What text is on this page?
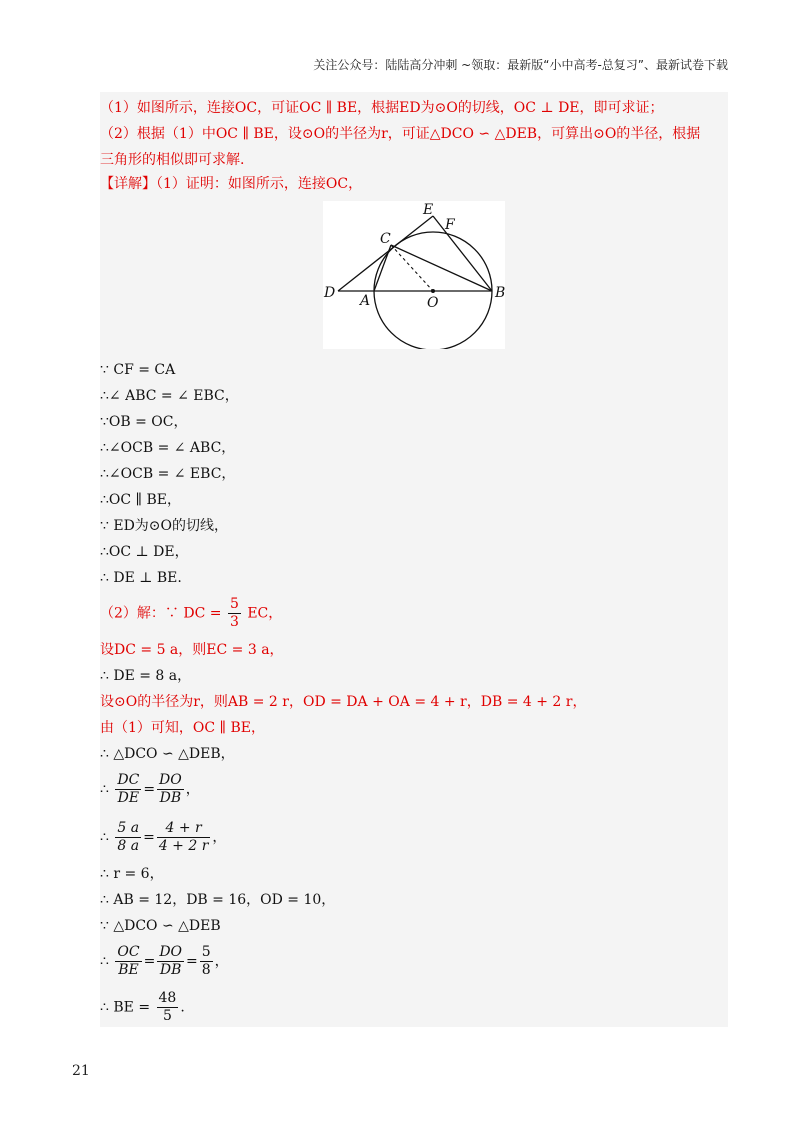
关注公众号：陆陆高分冲刺 ~领取：最新版“小中高考-总复习”、最新试卷下载
（1）如图所示，连接OC，可证OC ∥ BE，根据ED为⊙O的切线，OC ⊥ DE，即可求证；
（2）根据（1）中OC ∥ BE，设⊙O的半径为r，可证△DCO ∽ △DEB，可算出⊙O的半径，根据
三角形的相似即可求解.
【详解】（1）证明：如图所示，连接OC，
E
F
C
D A	O
B
∵ CF = CA
∴∠ ABC = ∠ EBC，
∵OB = OC，
∴∠OCB = ∠ ABC，
∴∠OCB = ∠ EBC，
∴OC ∥ BE，
∵ ED为⊙O的切线，
∴OC ⊥ DE，
∴ DE ⊥ BE.
（2）解：∵ DC = $\frac{5}{3}$ EC，
设DC = 5 a，则EC = 3 a，
∴ DE = 8 a，
设⊙O的半径为r，则AB = 2 r，OD = DA + OA = 4 + r，DB = 4 + 2 r，
由（1）可知，OC ∥ BE，
∴ △DCO ∽ △DEB，
∴ $\frac{DC}{DE} = \frac{DO}{DB}$ ，
∴ $\frac{5 a}{8 a} = \frac{4 + r}{4 + 2 r}$ ，
∴ r = 6，
∴ AB = 12，DB = 16，OD = 10，
∵ △DCO ∽ △DEB
∴ $\frac{OC}{BE} = \frac{DO}{DB} = \frac{5}{8}$ ，
∴ BE = $\frac{48}{5}$ .
21
